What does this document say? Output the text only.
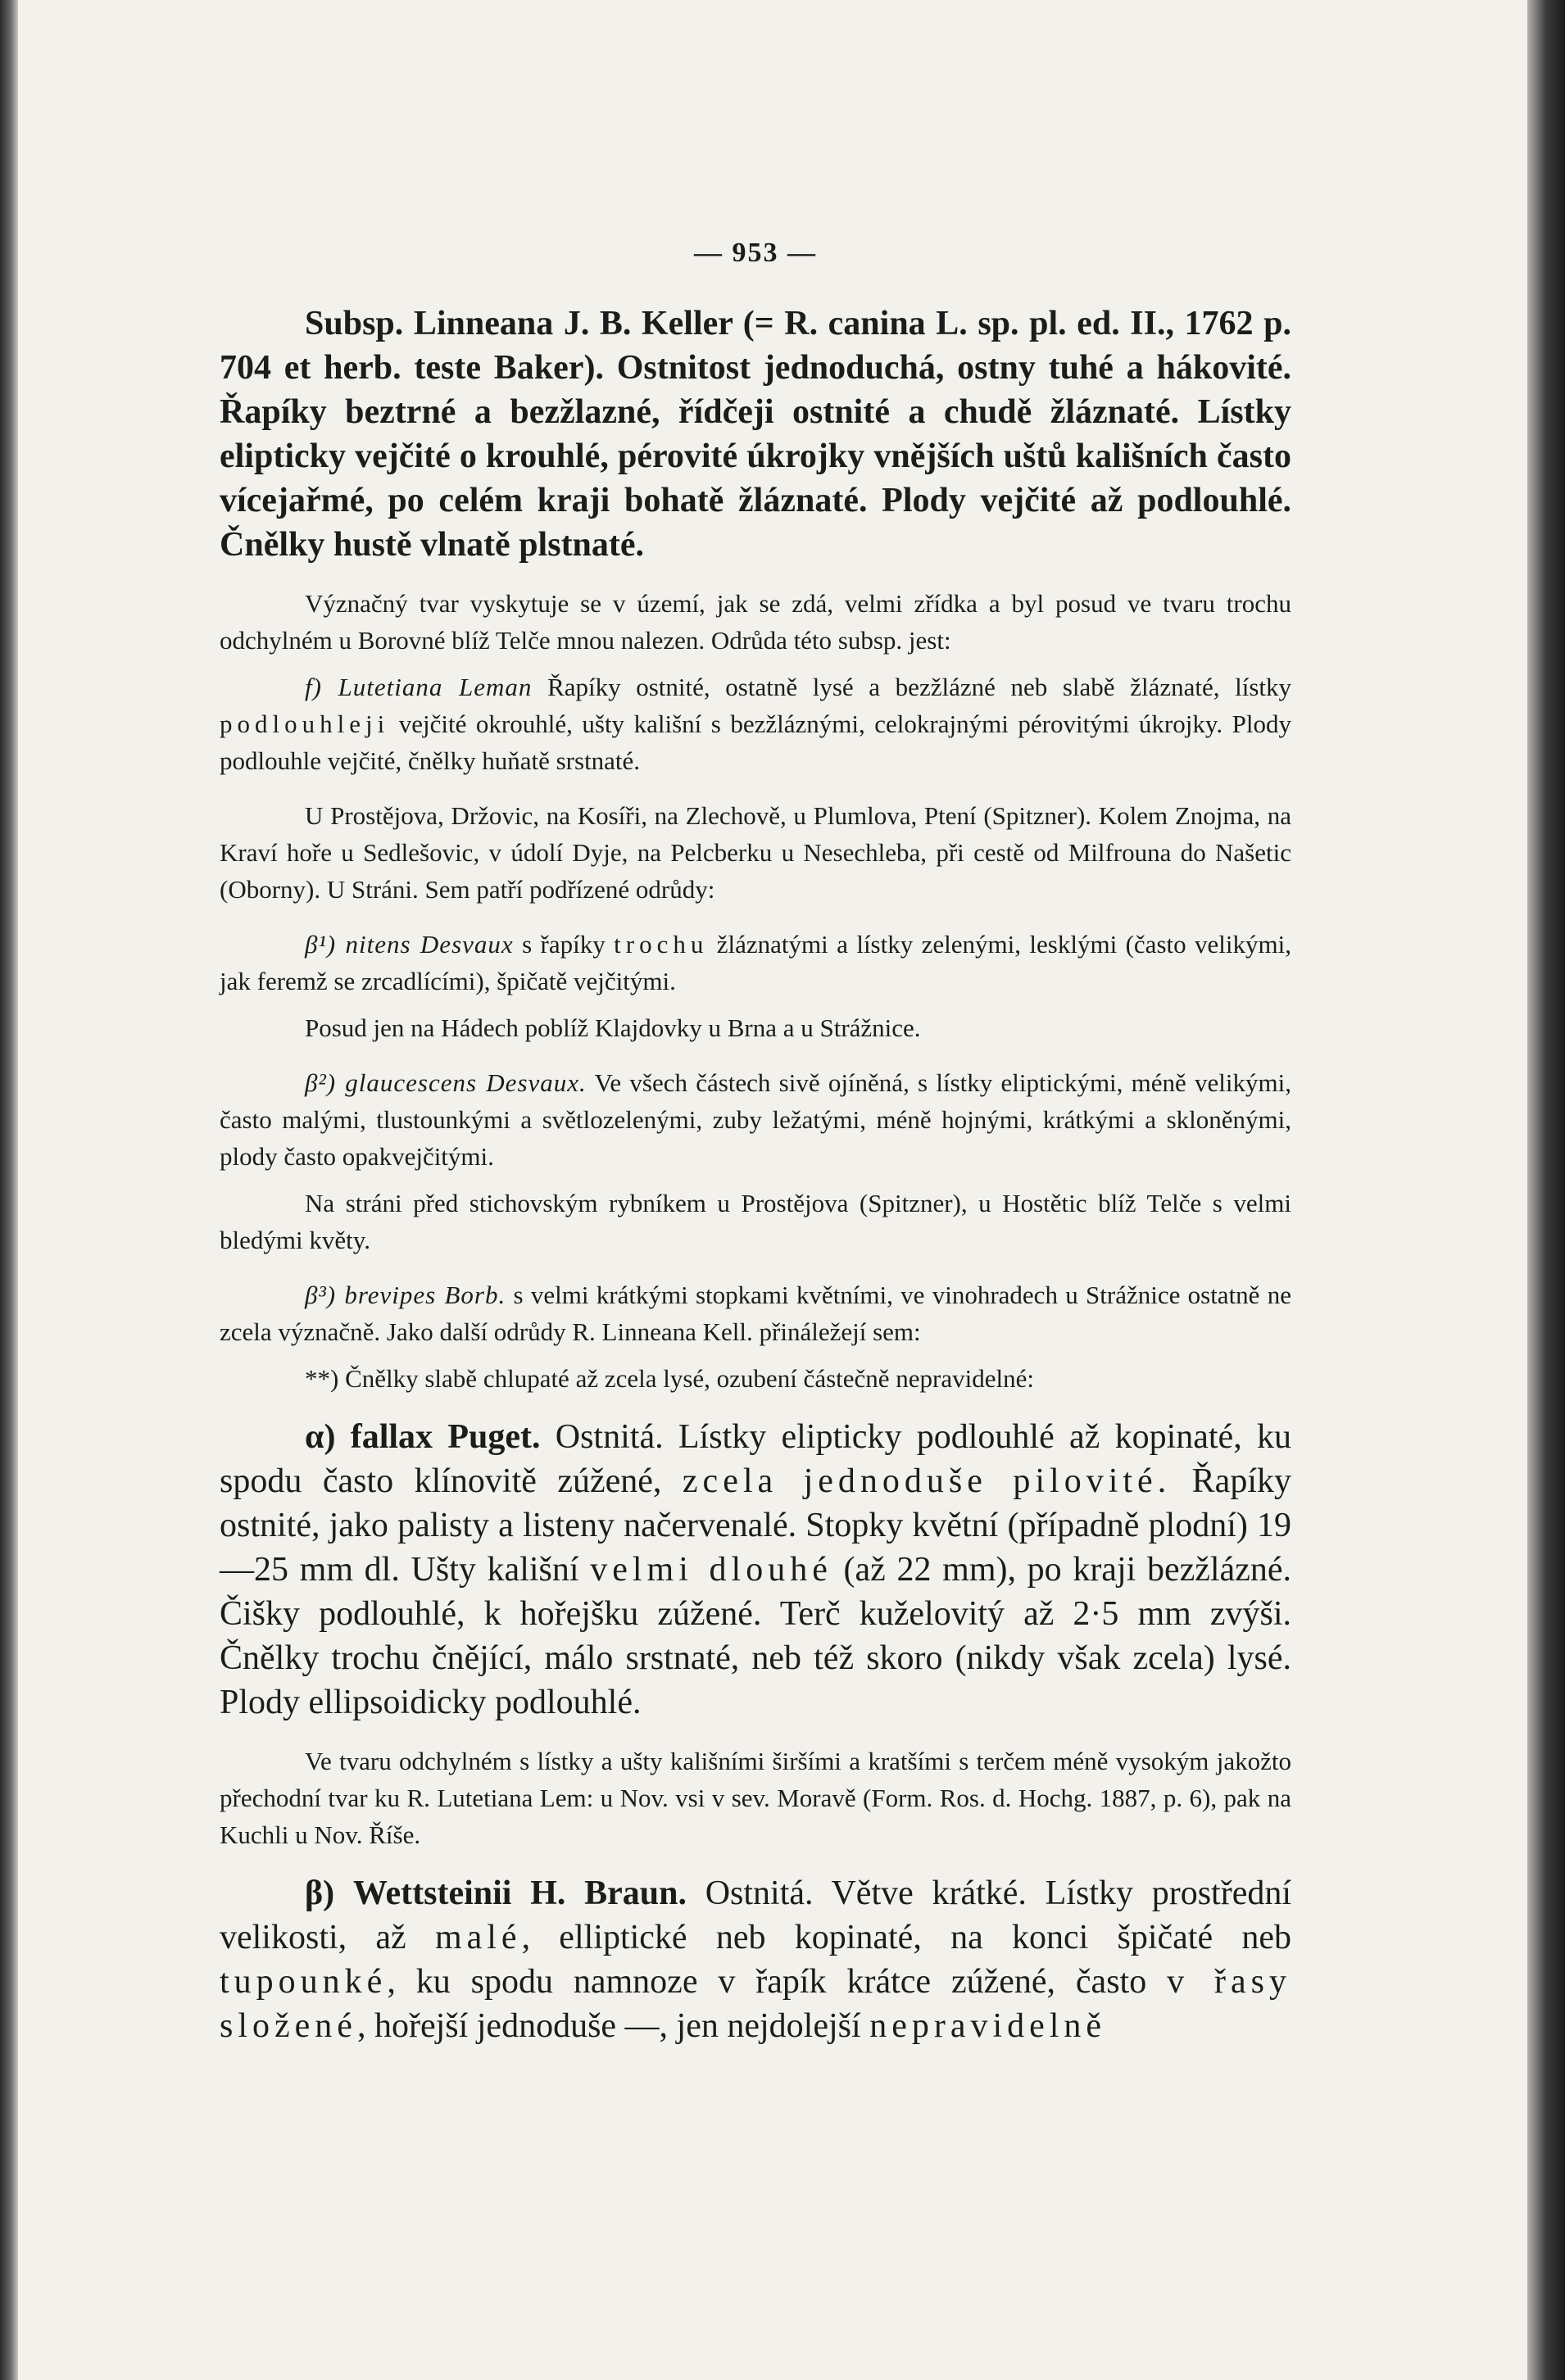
— 953 —

Subsp. Linneana J. B. Keller (= R. canina L. sp. pl. ed. II., 1762 p. 704 et herb. teste Baker). Ostnitost jednoduchá, ostny tuhé a hákovité. Řapíky beztrné a bezžlazné, řídčeji ostnité a chudě žláznaté. Lístky elipticky vejčité o krouhlé, pérovité úkrojky vnějších uštů kališních často vícejařmé, po celém kraji bohatě žláznaté. Plody vejčité až podlouhlé. Čnělky hustě vlnatě plstnaté.

Význačný tvar vyskytuje se v území, jak se zdá, velmi zřídka a byl posud ve tvaru trochu odchylném u Borovné blíž Telče mnou nalezen. Odrůda této subsp. jest:

f) Lutetiana Leman Řapíky ostnité, ostatně lysé a bezžlázné neb slabě žláznaté, lístky podlouhleji vejčité okrouhlé, ušty kališní s bezžláznými, celokrajnými pérovitými úkrojky. Plody podlouhle vejčité, čnělky huňatě srstnaté.

U Prostějova, Držovic, na Kosíři, na Zlechově, u Plumlova, Ptení (Spitzner). Kolem Znojma, na Kraví hoře u Sedlešovic, v údolí Dyje, na Pelcberku u Nesechleba, při cestě od Milfrouna do Našetic (Oborny). U Stráni. Sem patří podřízené odrůdy:

β¹) nitens Desvaux s řapíky trochu žláznatými a lístky zelenými, lesklými (často velikými, jak feremž se zrcadlícími), špičatě vejčitými.

Posud jen na Hádech poblíž Klajdovky u Brna a u Strážnice.

β²) glaucescens Desvaux. Ve všech částech sivě ojíněná, s lístky eliptickými, méně velikými, často malými, tlustounkými a světlozelenými, zuby ležatými, méně hojnými, krátkými a skloněnými, plody často opakvejčitými.

Na stráni před stichovským rybníkem u Prostějova (Spitzner), u Hostětic blíž Telče s velmi bledými květy.

β³) brevipes Borb. s velmi krátkými stopkami květními, ve vinohradech u Strážnice ostatně ne zcela význačně. Jako další odrůdy R. Linneana Kell. přináležejí sem:

**) Čnělky slabě chlupaté až zcela lysé, ozubení částečně nepravidelné:

α) fallax Puget. Ostnitá. Lístky elipticky podlouhlé až kopinaté, ku spodu často klínovitě zúžené, zcela jednoduše pilovité. Řapíky ostnité, jako palisty a listeny načervenalé. Stopky květní (případně plodní) 19—25 mm dl. Ušty kališní velmi dlouhé (až 22 mm), po kraji bezžlázné. Čišky podlouhlé, k hořejšku zúžené. Terč kuželovitý až 2·5 mm zvýši. Čnělky trochu čnějící, málo srstnaté, neb též skoro (nikdy však zcela) lysé. Plody ellipsoidicky podlouhlé.

Ve tvaru odchylném s lístky a ušty kališními širšími a kratšími s terčem méně vysokým jakožto přechodní tvar ku R. Lutetiana Lem: u Nov. vsi v sev. Moravě (Form. Ros. d. Hochg. 1887, p. 6), pak na Kuchli u Nov. Říše.

β) Wettsteinii H. Braun. Ostnitá. Větve krátké. Lístky prostřední velikosti, až malé, elliptické neb kopinaté, na konci špičaté neb tupounké, ku spodu namnoze v řapík krátce zúžené, často v řasy složené, hořejší jednoduše —, jen nejdolejší nepravidelně
